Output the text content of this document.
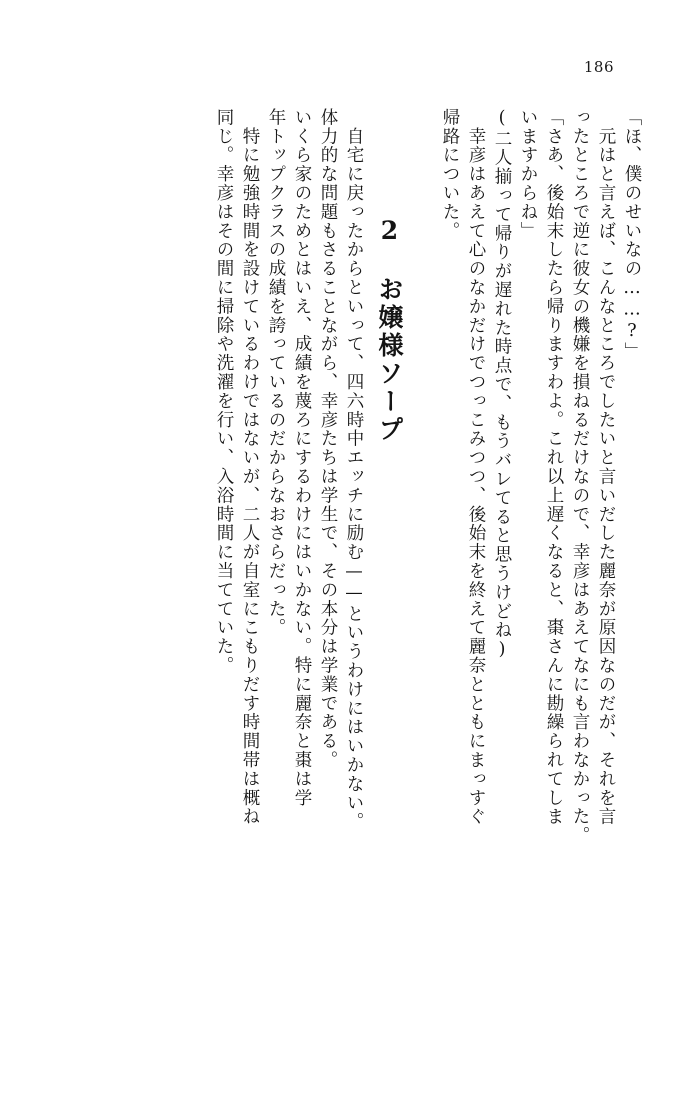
186
「ほ、僕のせいなの……?」
　元はと言えば、こんなところでしたいと言いだした麗奈が原因なのだが、それを言
ったところで逆に彼女の機嫌を損ねるだけなので、幸彦はあえてなにも言わなかった。
「さあ、後始末したら帰りますわよ。これ以上遅くなると、棗さんに勘繰られてしま
いますからね」
(二人揃って帰りが遅れた時点で、もうバレてると思うけどね)
　幸彦はあえて心のなかだけでつっこみつつ、後始末を終えて麗奈とともにまっすぐ
帰路についた。
2　お嬢様ソープ
　自宅に戻ったからといって、四六時中エッチに励む——というわけにはいかない。
体力的な問題もさることながら、幸彦たちは学生で、その本分は学業である。
いくら家のためとはいえ、成績を蔑ろにするわけにはいかない。特に麗奈と棗は学
年トップクラスの成績を誇っているのだからなおさらだった。
　特に勉強時間を設けているわけではないが、二人が自室にこもりだす時間帯は概ね
同じ。幸彦はその間に掃除や洗濯を行い、入浴時間に当てていた。
